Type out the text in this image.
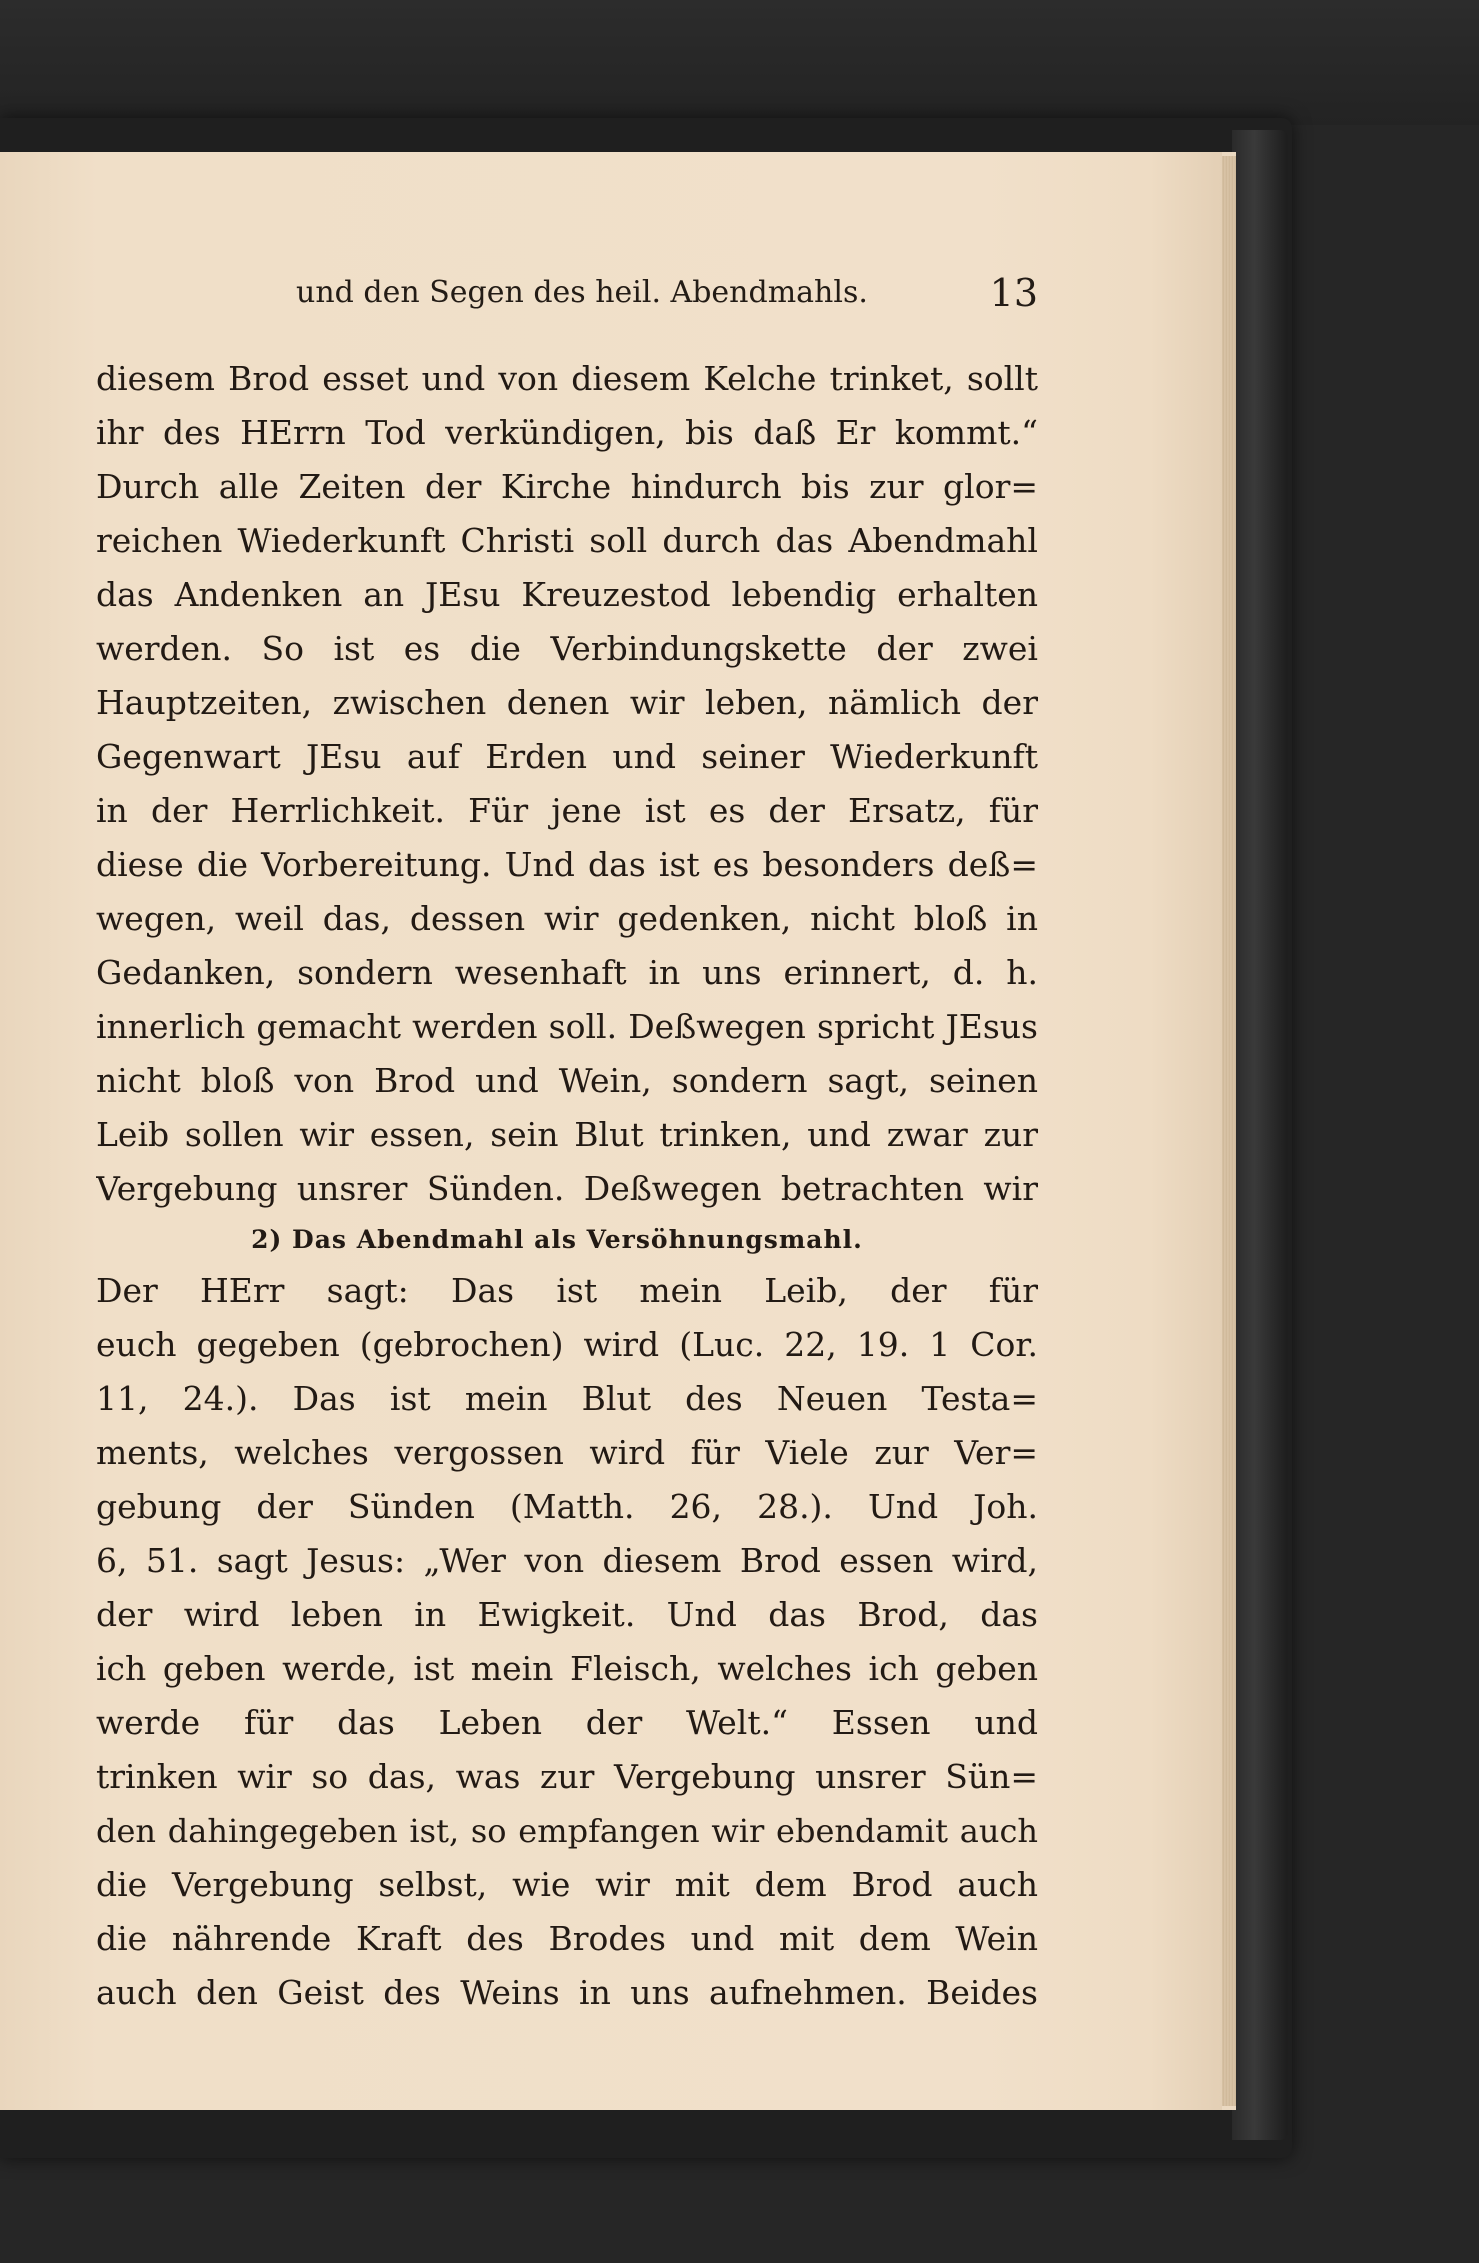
und den Segen des heil. Abendmahls.	13
diesem Brod esset und von diesem Kelche trinket, sollt
ihr des HErrn Tod verkündigen, bis daß Er kommt.“
Durch alle Zeiten der Kirche hindurch bis zur glor=
reichen Wiederkunft Christi soll durch das Abendmahl
das Andenken an JEsu Kreuzestod lebendig erhalten
werden. So ist es die Verbindungskette der zwei
Hauptzeiten, zwischen denen wir leben, nämlich der
Gegenwart JEsu auf Erden und seiner Wiederkunft
in der Herrlichkeit. Für jene ist es der Ersatz, für
diese die Vorbereitung. Und das ist es besonders deß=
wegen, weil das, dessen wir gedenken, nicht bloß in
Gedanken, sondern wesenhaft in uns erinnert, d. h.
innerlich gemacht werden soll. Deßwegen spricht JEsus
nicht bloß von Brod und Wein, sondern sagt, seinen
Leib sollen wir essen, sein Blut trinken, und zwar zur
Vergebung unsrer Sünden. Deßwegen betrachten wir
2) Das Abendmahl als Versöhnungsmahl.
Der HErr sagt: Das ist mein Leib, der für
euch gegeben (gebrochen) wird (Luc. 22, 19. 1 Cor.
11, 24.). Das ist mein Blut des Neuen Testa=
ments, welches vergossen wird für Viele zur Ver=
gebung der Sünden (Matth. 26, 28.). Und Joh.
6, 51. sagt Jesus: „Wer von diesem Brod essen wird,
der wird leben in Ewigkeit. Und das Brod, das
ich geben werde, ist mein Fleisch, welches ich geben
werde für das Leben der Welt.“ Essen und
trinken wir so das, was zur Vergebung unsrer Sün=
den dahingegeben ist, so empfangen wir ebendamit auch
die Vergebung selbst, wie wir mit dem Brod auch
die nährende Kraft des Brodes und mit dem Wein
auch den Geist des Weins in uns aufnehmen. Beides
